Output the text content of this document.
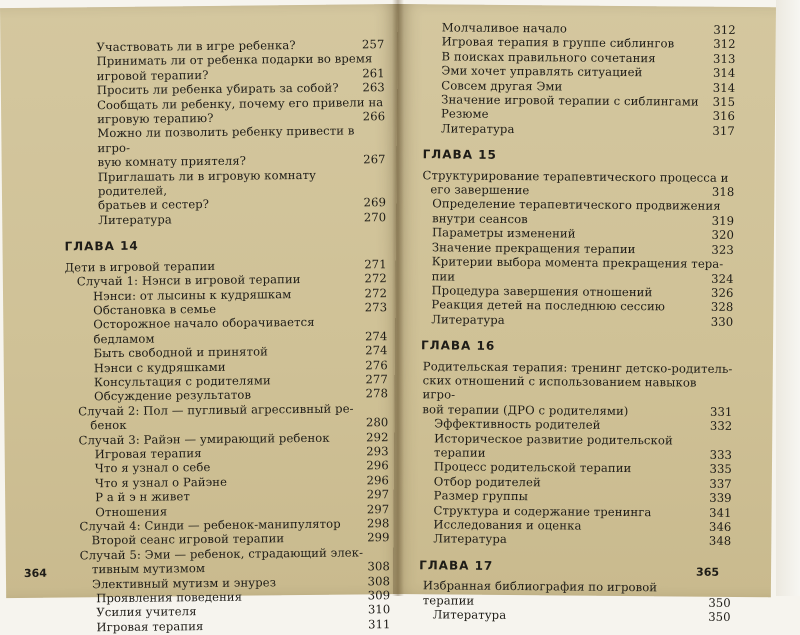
Участвовать ли в игре ребенка?	257
Принимать ли от ребенка подарки во время
игровой терапии?	261
Просить ли ребенка убирать за собой?	263
Сообщать ли ребенку, почему его привели на
игровую терапию?	266
Можно ли позволить ребенку привести в игро-
вую комнату приятеля?	267
Приглашать ли в игровую комнату родителей,
братьев и сестер?	269
Литература	270
ГЛАВА 14
Дети в игровой терапии	271
Случай 1: Нэнси в игровой терапии	272
Нэнси: от лысины к кудряшкам	272
Обстановка в семье	273
Осторожное начало оборачивается бедламом	274
Быть свободной и принятой	274
Нэнси с кудряшками	276
Консультация с родителями	277
Обсуждение результатов	278
Случай 2: Пол — пугливый агрессивный ре-
бенок	280
Случай 3: Райэн — умирающий ребенок	292
Игровая терапия	293
Что я узнал о себе	296
Что я узнал о Райэне	296
Р а й э н живет	297
Отношения	297
Случай 4: Синди — ребенок-манипулятор	298
Второй сеанс игровой терапии	299
Случай 5: Эми — ребенок, страдающий элек-
тивным мутизмом	308
Элективный мутизм и энурез	308
Проявления поведения	309
Усилия учителя	310
Игровая терапия	311
364
Молчаливое начало	312
Игровая терапия в группе сиблингов	312
В поисках правильного сочетания	313
Эми хочет управлять ситуацией	314
Совсем другая Эми	314
Значение игровой терапии с сиблингами	315
Резюме	316
Литература	317
ГЛАВА 15
Структурирование терапевтического процесса и
его завершение	318
Определение терапевтического продвижения
внутри сеансов	319
Параметры изменений	320
Значение прекращения терапии	323
Критерии выбора момента прекращения тера-
пии	324
Процедура завершения отношений	326
Реакция детей на последнюю сессию	328
Литература	330
ГЛАВА 16
Родительская терапия: тренинг детско-родитель-
ских отношений с использованием навыков игро-
вой терапии (ДРО с родителями)	331
Эффективность родителей	332
Историческое развитие родительской терапии	333
Процесс родительской терапии	335
Отбор родителей	337
Размер группы	339
Структура и содержание тренинга	341
Исследования и оценка	346
Литература	348
ГЛАВА 17
Избранная библиография по игровой терапии	350
Литература	350
365
